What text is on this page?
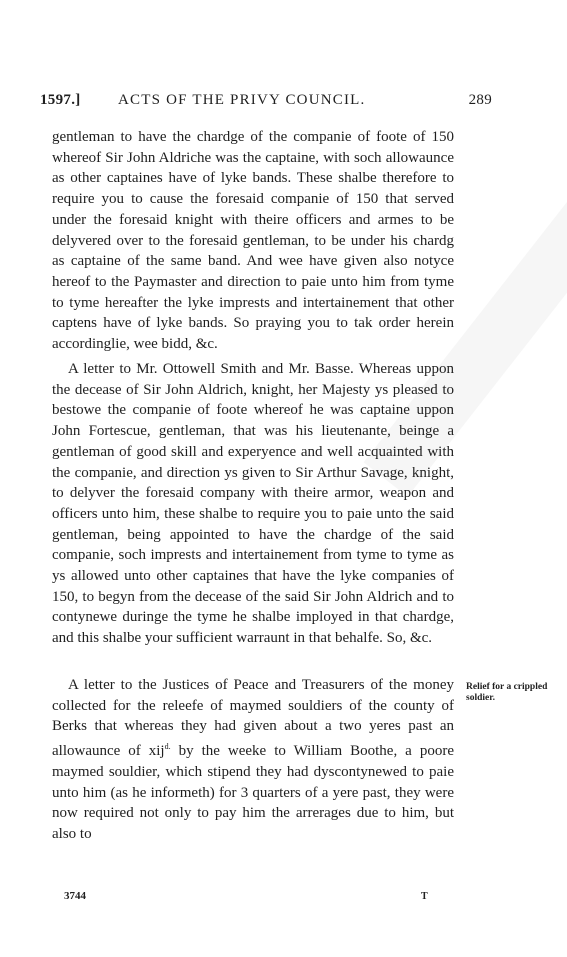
1597.] ACTS OF THE PRIVY COUNCIL.	289
gentleman to have the chardge of the companie of foote of 150 whereof Sir John Aldriche was the captaine, with soch allowaunce as other captaines have of lyke bands. These shalbe therefore to require you to cause the foresaid companie of 150 that served under the foresaid knight with theire officers and armes to be delyvered over to the foresaid gentleman, to be under his chardg as captaine of the same band. And wee have given also notyce hereof to the Paymaster and direction to paie unto him from tyme to tyme hereafter the lyke imprests and intertainement that other captens have of lyke bands. So praying you to tak order herein accordinglie, wee bidd, &c.
A letter to Mr. Ottowell Smith and Mr. Basse. Whereas uppon the decease of Sir John Aldrich, knight, her Majesty ys pleased to bestowe the companie of foote whereof he was captaine uppon John Fortescue, gentleman, that was his lieutenante, beinge a gentleman of good skill and experyence and well acquainted with the companie, and direction ys given to Sir Arthur Savage, knight, to delyver the foresaid company with theire armor, weapon and officers unto him, these shalbe to require you to paie unto the said gentleman, being appointed to have the chardge of the said companie, soch imprests and intertainement from tyme to tyme as ys allowed unto other captaines that have the lyke companies of 150, to begyn from the decease of the said Sir John Aldrich and to contynewe duringe the tyme he shalbe imployed in that chardge, and this shalbe your sufficient warraunt in that behalfe. So, &c.
A letter to the Justices of Peace and Treasurers of the money collected for the releefe of maymed souldiers of the county of Berks that whereas they had given about a two yeres past an allowaunce of xij$^{d.}$ by the weeke to William Boothe, a poore maymed souldier, which stipend they had dyscontynewed to paie unto him (as he informeth) for 3 quarters of a yere past, they were now required not only to pay him the arrerages due to him, but also to
Relief for a crippled soldier.
3744	T
